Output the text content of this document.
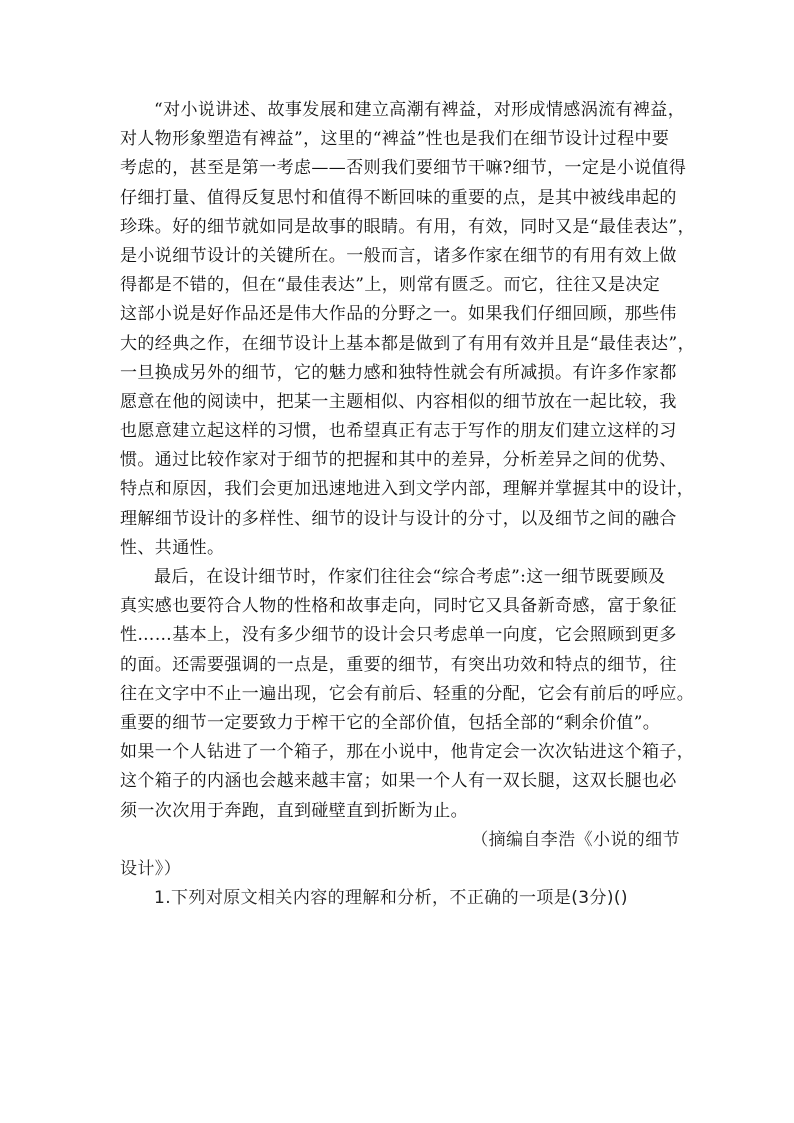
“对小说讲述、故事发展和建立高潮有裨益，对形成情感涡流有裨益，
对人物形象塑造有裨益”，这里的“裨益”性也是我们在细节设计过程中要
考虑的，甚至是第一考虑——否则我们要细节干嘛?细节，一定是小说值得
仔细打量、值得反复思忖和值得不断回味的重要的点，是其中被线串起的
珍珠。好的细节就如同是故事的眼睛。有用，有效，同时又是“最佳表达”，
是小说细节设计的关键所在。一般而言，诸多作家在细节的有用有效上做
得都是不错的，但在“最佳表达”上，则常有匮乏。而它，往往又是决定
这部小说是好作品还是伟大作品的分野之一。如果我们仔细回顾，那些伟
大的经典之作，在细节设计上基本都是做到了有用有效并且是“最佳表达”，
一旦换成另外的细节，它的魅力感和独特性就会有所减损。有许多作家都
愿意在他的阅读中，把某一主题相似、内容相似的细节放在一起比较，我
也愿意建立起这样的习惯，也希望真正有志于写作的朋友们建立这样的习
惯。通过比较作家对于细节的把握和其中的差异，分析差异之间的优势、
特点和原因，我们会更加迅速地进入到文学内部，理解并掌握其中的设计，
理解细节设计的多样性、细节的设计与设计的分寸，以及细节之间的融合
性、共通性。
最后，在设计细节时，作家们往往会“综合考虑”:这一细节既要顾及
真实感也要符合人物的性格和故事走向，同时它又具备新奇感，富于象征
性……基本上，没有多少细节的设计会只考虑单一向度，它会照顾到更多
的面。还需要强调的一点是，重要的细节，有突出功效和特点的细节，往
往在文字中不止一遍出现，它会有前后、轻重的分配，它会有前后的呼应。
重要的细节一定要致力于榨干它的全部价值，包括全部的“剩余价值”。
如果一个人钻进了一个箱子，那在小说中，他肯定会一次次钻进这个箱子，
这个箱子的内涵也会越来越丰富；如果一个人有一双长腿，这双长腿也必
须一次次用于奔跑，直到碰壁直到折断为止。
（摘编自李浩《小说的细节
设计》）
1.下列对原文相关内容的理解和分析，不正确的一项是(3分)()
